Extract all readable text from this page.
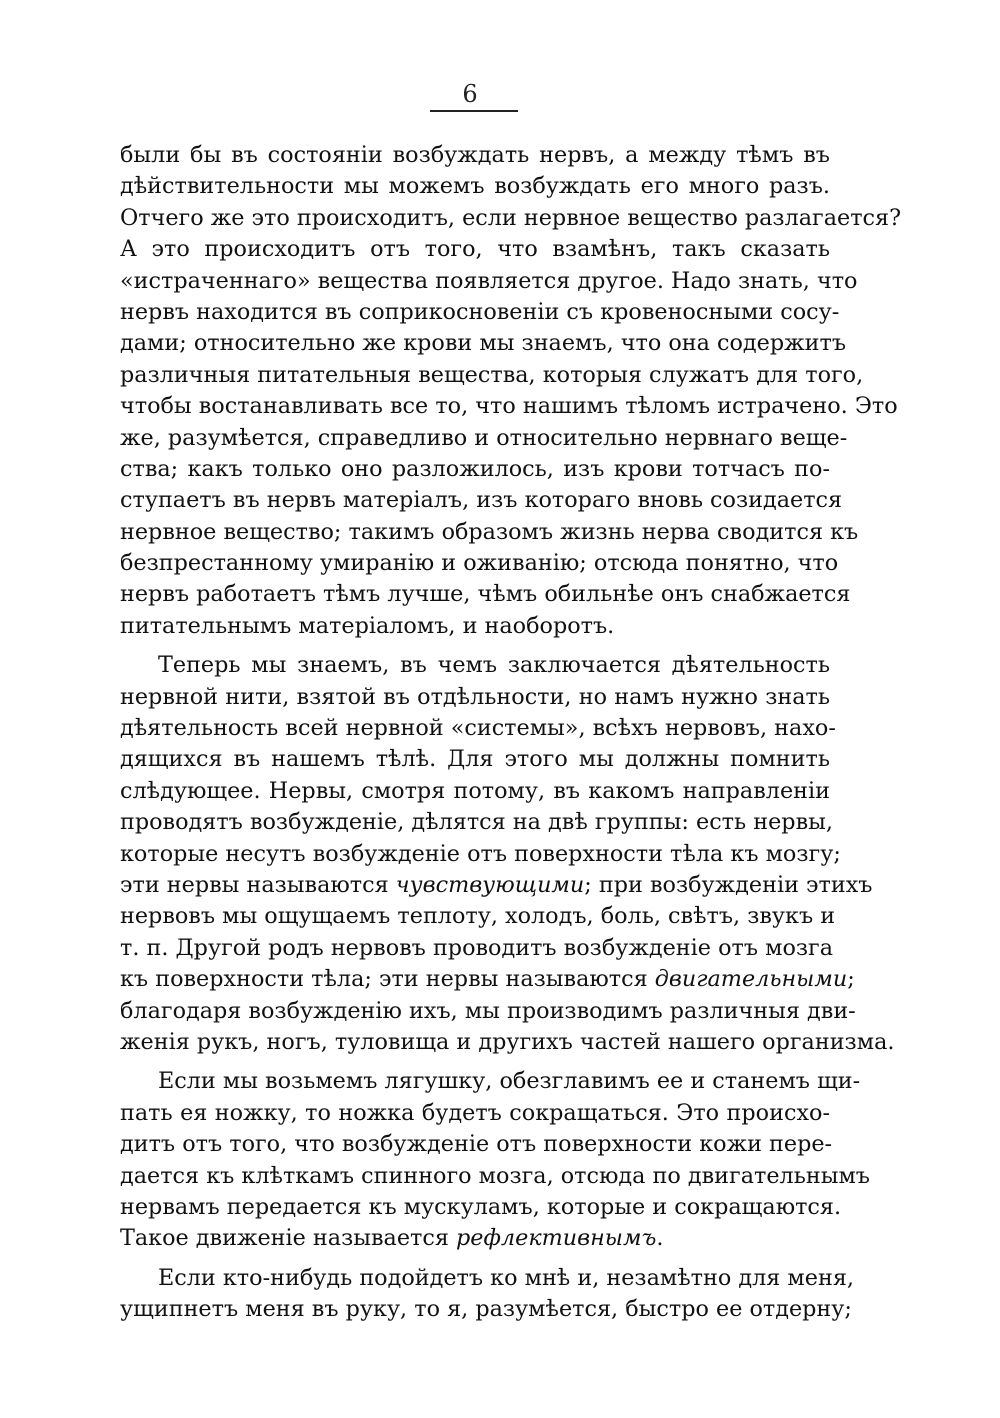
6
были бы въ состоянiи возбуждать нервъ, а между тѣмъ въ
дѣйствительности мы можемъ возбуждать его много разъ.
Отчего же это происходитъ, если нервное вещество разлагается?
А это происходитъ отъ того, что взамѣнъ, такъ сказать
«истраченнаго» вещества появляется другое. Надо знать, что
нервъ находится въ соприкосновенiи съ кровеносными сосу-
дами; относительно же крови мы знаемъ, что она содержитъ
различныя питательныя вещества, которыя служатъ для того,
чтобы востанавливать все то, что нашимъ тѣломъ истрачено. Это
же, разумѣется, справедливо и относительно нервнаго веще-
ства; какъ только оно разложилось, изъ крови тотчасъ по-
ступаетъ въ нервъ матерiалъ, изъ котораго вновь созидается
нервное вещество; такимъ образомъ жизнь нерва сводится къ
безпрестанному умиранiю и оживанiю; отсюда понятно, что
нервъ работаетъ тѣмъ лучше, чѣмъ обильнѣе онъ снабжается
питательнымъ матерiаломъ, и наоборотъ.
Теперь мы знаемъ, въ чемъ заключается дѣятельность
нервной нити, взятой въ отдѣльности, но намъ нужно знать
дѣятельность всей нервной «системы», всѣхъ нервовъ, нахо-
дящихся въ нашемъ тѣлѣ. Для этого мы должны помнить
слѣдующее. Нервы, смотря потому, въ какомъ направленiи
проводятъ возбужденiе, дѣлятся на двѣ группы: есть нервы,
которые несутъ возбужденiе отъ поверхности тѣла къ мозгу;
эти нервы называются чувствующими; при возбужденiи этихъ
нервовъ мы ощущаемъ теплоту, холодъ, боль, свѣтъ, звукъ и
т. п. Другой родъ нервовъ проводитъ возбужденiе отъ мозга
къ поверхности тѣла; эти нервы называются двигательными;
благодаря возбужденiю ихъ, мы производимъ различныя дви-
женiя рукъ, ногъ, туловища и другихъ частей нашего организма.
Если мы возьмемъ лягушку, обезглавимъ ее и станемъ щи-
пать ея ножку, то ножка будетъ сокращаться. Это происхо-
дитъ отъ того, что возбужденiе отъ поверхности кожи пере-
дается къ клѣткамъ спинного мозга, отсюда по двигательнымъ
нервамъ передается къ мускуламъ, которые и сокращаются.
Такое движенiе называется рефлективнымъ.
Если кто-нибудь подойдетъ ко мнѣ и, незамѣтно для меня,
ущипнетъ меня въ руку, то я, разумѣется, быстро ее отдерну;
